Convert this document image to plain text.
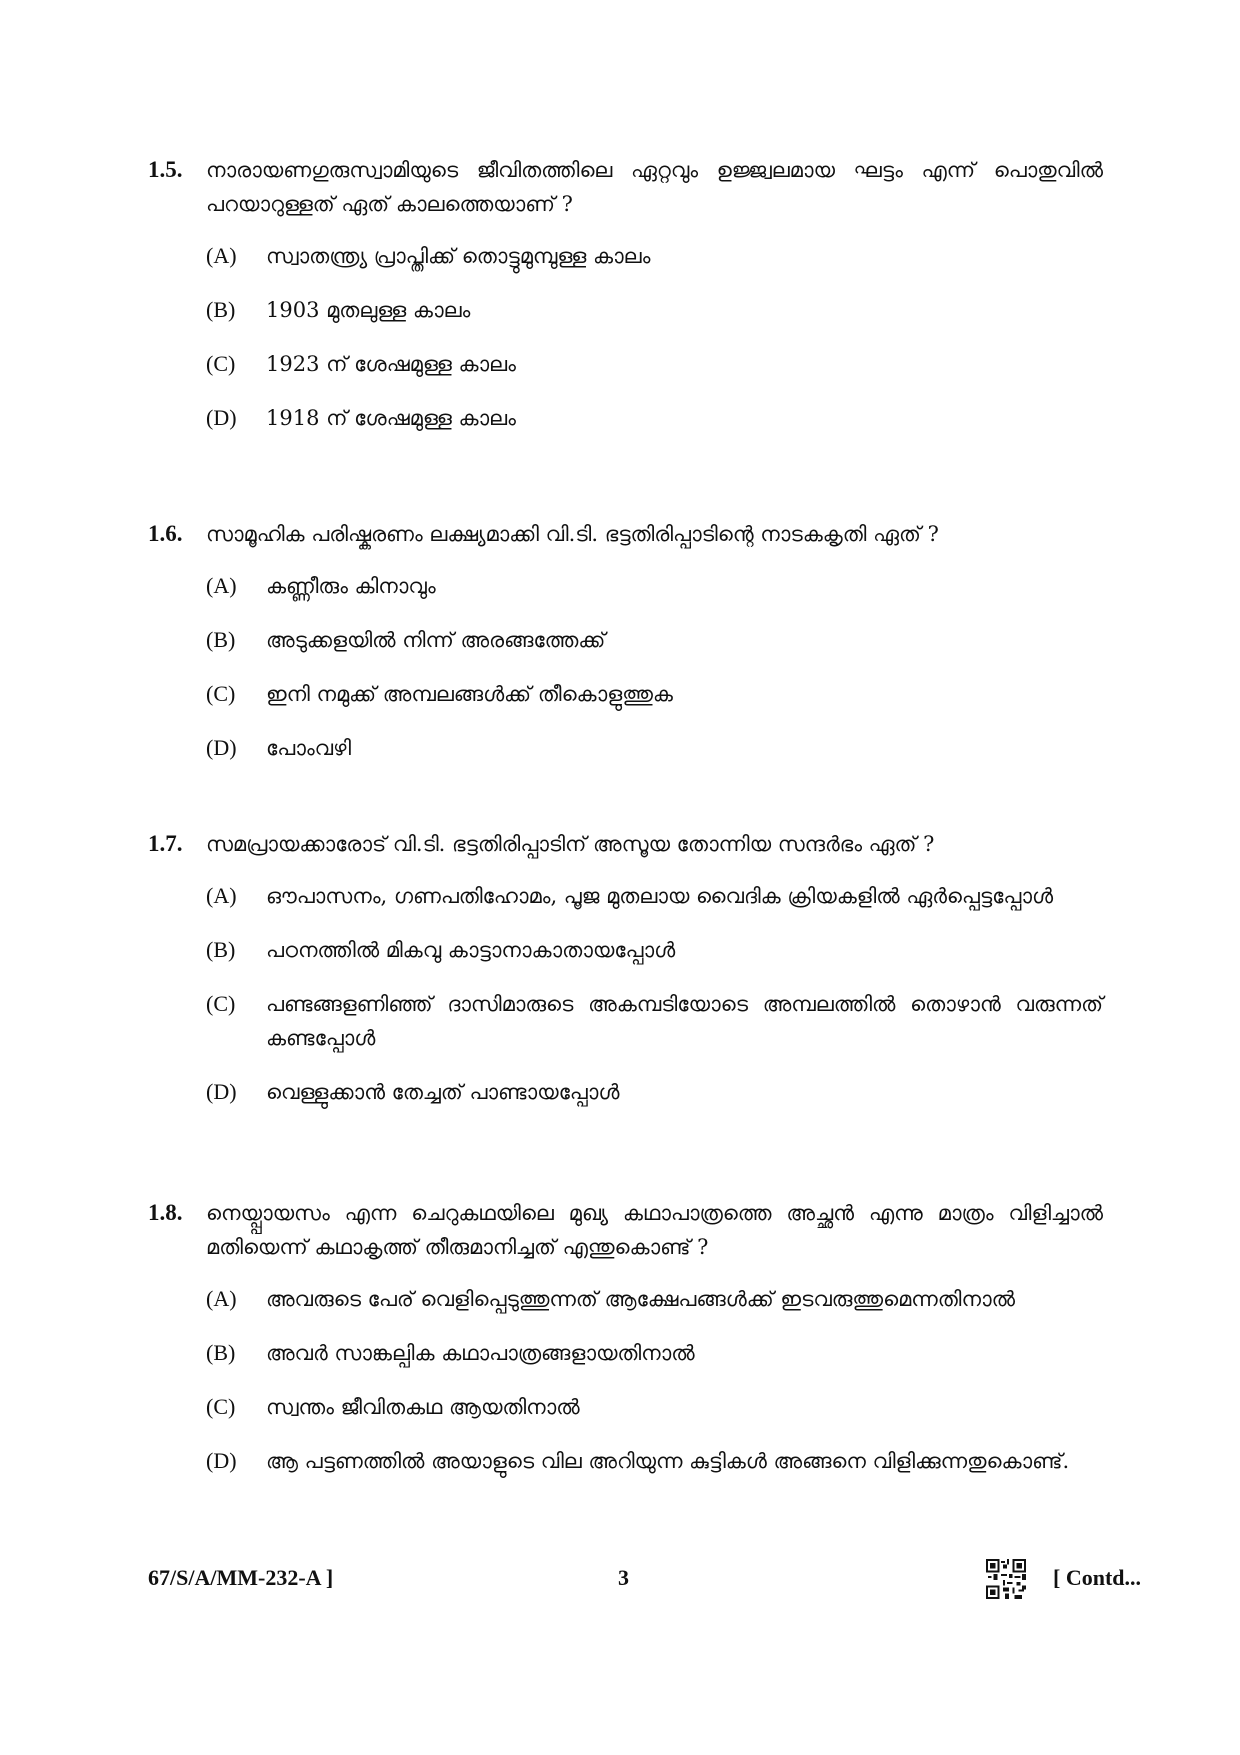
1.5. നാരായണഗുരുസ്വാമിയുടെ ജീവിതത്തിലെ ഏറ്റവും ഉജ്ജ്വലമായ ഘട്ടം എന്ന് പൊതുവിൽ പറയാറുള്ളത് ഏത് കാലത്തെയാണ് ?
(A) സ്വാതന്ത്ര്യ പ്രാപ്തിക്ക് തൊട്ടുമുമ്പുള്ള കാലം
(B) 1903 മുതലുള്ള കാലം
(C) 1923 ന് ശേഷമുള്ള കാലം
(D) 1918 ന് ശേഷമുള്ള കാലം
1.6. സാമൂഹിക പരിഷ്കരണം ലക്ഷ്യമാക്കി വി.ടി. ഭട്ടതിരിപ്പാടിന്റെ നാടകകൃതി ഏത് ?
(A) കണ്ണീരും കിനാവും
(B) അടുക്കളയിൽ നിന്ന് അരങ്ങത്തേക്ക്
(C) ഇനി നമുക്ക് അമ്പലങ്ങൾക്ക് തീകൊളുത്തുക
(D) പോംവഴി
1.7. സമപ്രായക്കാരോട് വി.ടി. ഭട്ടതിരിപ്പാടിന് അസൂയ തോന്നിയ സന്ദർഭം ഏത് ?
(A) ഔപാസനം, ഗണപതിഹോമം, പൂജ മുതലായ വൈദിക ക്രിയകളിൽ ഏർപ്പെട്ടപ്പോൾ
(B) പഠനത്തിൽ മികവു കാട്ടാനാകാതായപ്പോൾ
(C) പണ്ടങ്ങളണിഞ്ഞ് ദാസിമാരുടെ അകമ്പടിയോടെ അമ്പലത്തിൽ തൊഴാൻ വരുന്നത് കണ്ടപ്പോൾ
(D) വെള്ളുക്കാൻ തേച്ചത് പാണ്ടായപ്പോൾ
1.8. നെയ്പ്പായസം എന്ന ചെറുകഥയിലെ മുഖ്യ കഥാപാത്രത്തെ അച്ഛൻ എന്നു മാത്രം വിളിച്ചാൽ മതിയെന്ന് കഥാകൃത്ത് തീരുമാനിച്ചത് എന്തുകൊണ്ട് ?
(A) അവരുടെ പേര് വെളിപ്പെടുത്തുന്നത് ആക്ഷേപങ്ങൾക്ക് ഇടവരുത്തുമെന്നതിനാൽ
(B) അവർ സാങ്കല്പിക കഥാപാത്രങ്ങളായതിനാൽ
(C) സ്വന്തം ജീവിതകഥ ആയതിനാൽ
(D) ആ പട്ടണത്തിൽ അയാളുടെ വില അറിയുന്ന കുട്ടികൾ അങ്ങനെ വിളിക്കുന്നതുകൊണ്ട്.
67/S/A/MM-232-A ]	3	[ Contd...
